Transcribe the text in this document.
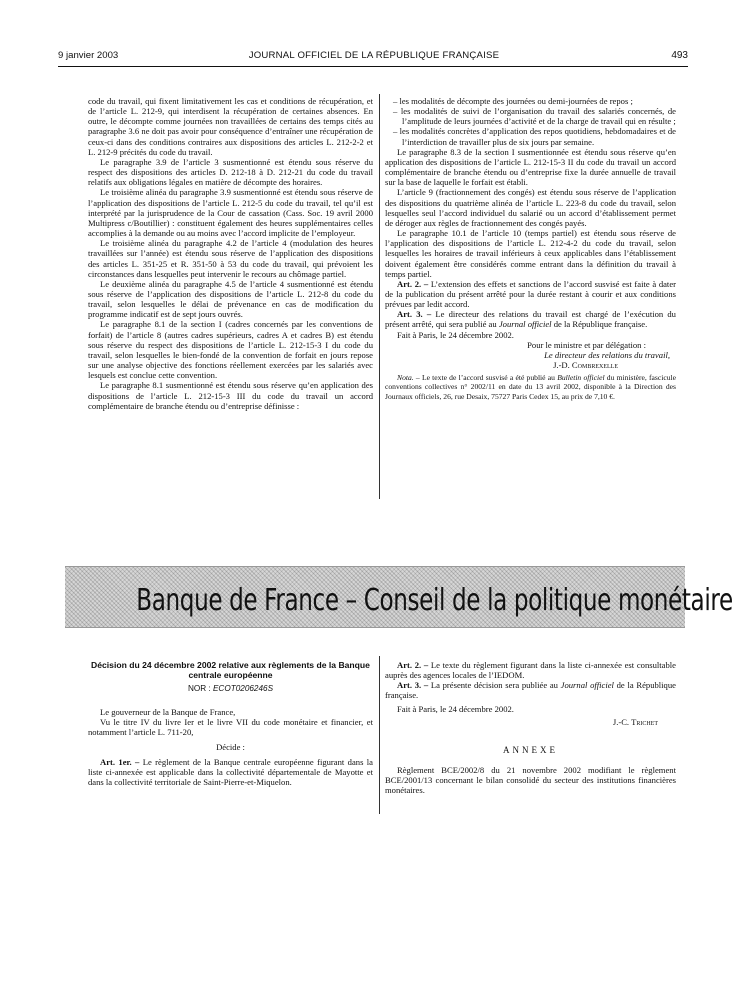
9 janvier 2003	JOURNAL OFFICIEL DE LA RÉPUBLIQUE FRANÇAISE	493

code du travail, qui fixent limitativement les cas et conditions de récupération, et de l’article L. 212-9, qui interdisent la récupération de certaines absences. En outre, le décompte comme journées non travaillées de certains des temps cités au paragraphe 3.6 ne doit pas avoir pour conséquence d’entraîner une récupération de ceux-ci dans des conditions contraires aux dispositions des articles L. 212-2-2 et L. 212-9 précités du code du travail.

Le paragraphe 3.9 de l’article 3 susmentionné est étendu sous réserve du respect des dispositions des articles D. 212-18 à D. 212-21 du code du travail relatifs aux obligations légales en matière de décompte des horaires.

Le troisième alinéa du paragraphe 3.9 susmentionné est étendu sous réserve de l’application des dispositions de l’article L. 212-5 du code du travail, tel qu’il est interprété par la jurisprudence de la Cour de cassation (Cass. Soc. 19 avril 2000 Multipress c/Boutillier) : constituent également des heures supplémentaires celles accomplies à la demande ou au moins avec l’accord implicite de l’employeur.

Le troisième alinéa du paragraphe 4.2 de l’article 4 (modulation des heures travaillées sur l’année) est étendu sous réserve de l’application des dispositions des articles L. 351-25 et R. 351-50 à 53 du code du travail, qui prévoient les circonstances dans lesquelles peut intervenir le recours au chômage partiel.

Le deuxième alinéa du paragraphe 4.5 de l’article 4 susmentionné est étendu sous réserve de l’application des dispositions de l’article L. 212-8 du code du travail, selon lesquelles le délai de prévenance en cas de modification du programme indicatif est de sept jours ouvrés.

Le paragraphe 8.1 de la section I (cadres concernés par les conventions de forfait) de l’article 8 (autres cadres supérieurs, cadres A et cadres B) est étendu sous réserve du respect des dispositions de l’article L. 212-15-3 I du code du travail, selon lesquelles le bien-fondé de la convention de forfait en jours repose sur une analyse objective des fonctions réellement exercées par les salariés avec lesquels est conclue cette convention.

Le paragraphe 8.1 susmentionné est étendu sous réserve qu’en application des dispositions de l’article L. 212-15-3 III du code du travail un accord complémentaire de branche étendu ou d’entreprise définisse :

– les modalités de décompte des journées ou demi-journées de repos ;
– les modalités de suivi de l’organisation du travail des salariés concernés, de l’amplitude de leurs journées d’activité et de la charge de travail qui en résulte ;
– les modalités concrètes d’application des repos quotidiens, hebdomadaires et de l’interdiction de travailler plus de six jours par semaine.

Le paragraphe 8.3 de la section I susmentionnée est étendu sous réserve qu’en application des dispositions de l’article L. 212-15-3 II du code du travail un accord complémentaire de branche étendu ou d’entreprise fixe la durée annuelle de travail sur la base de laquelle le forfait est établi.

L’article 9 (fractionnement des congés) est étendu sous réserve de l’application des dispositions du quatrième alinéa de l’article L. 223-8 du code du travail, selon lesquelles seul l’accord individuel du salarié ou un accord d’établissement permet de déroger aux règles de fractionnement des congés payés.

Le paragraphe 10.1 de l’article 10 (temps partiel) est étendu sous réserve de l’application des dispositions de l’article L. 212-4-2 du code du travail, selon lesquelles les horaires de travail inférieurs à ceux applicables dans l’établissement doivent également être considérés comme entrant dans la définition du travail à temps partiel.

Art. 2. – L’extension des effets et sanctions de l’accord susvisé est faite à dater de la publication du présent arrêté pour la durée restant à courir et aux conditions prévues par ledit accord.

Art. 3. – Le directeur des relations du travail est chargé de l’exécution du présent arrêté, qui sera publié au Journal officiel de la République française.

Fait à Paris, le 24 décembre 2002.

Pour le ministre et par délégation :

Le directeur des relations du travail,

J.-D. Combrexelle

Nota. – Le texte de l’accord susvisé a été publié au Bulletin officiel du ministère, fascicule conventions collectives n° 2002/11 en date du 13 avril 2002, disponible à la Direction des Journaux officiels, 26, rue Desaix, 75727 Paris Cedex 15, au prix de 7,10 €.

Banque de France – Conseil de la politique monétaire

Décision du 24 décembre 2002 relative aux règlements de la Banque centrale européenne

NOR : ECOT0206246S

Le gouverneur de la Banque de France,

Vu le titre IV du livre Ier et le livre VII du code monétaire et financier, et notamment l’article L. 711-20,

Décide :

Art. 1er. – Le règlement de la Banque centrale européenne figurant dans la liste ci-annexée est applicable dans la collectivité départementale de Mayotte et dans la collectivité territoriale de Saint-Pierre-et-Miquelon.

Art. 2. – Le texte du règlement figurant dans la liste ci-annexée est consultable auprès des agences locales de l’IEDOM.

Art. 3. – La présente décision sera publiée au Journal officiel de la République française.

Fait à Paris, le 24 décembre 2002.

J.-C. Trichet

ANNEXE

Règlement BCE/2002/8 du 21 novembre 2002 modifiant le règlement BCE/2001/13 concernant le bilan consolidé du secteur des institutions financières monétaires.
